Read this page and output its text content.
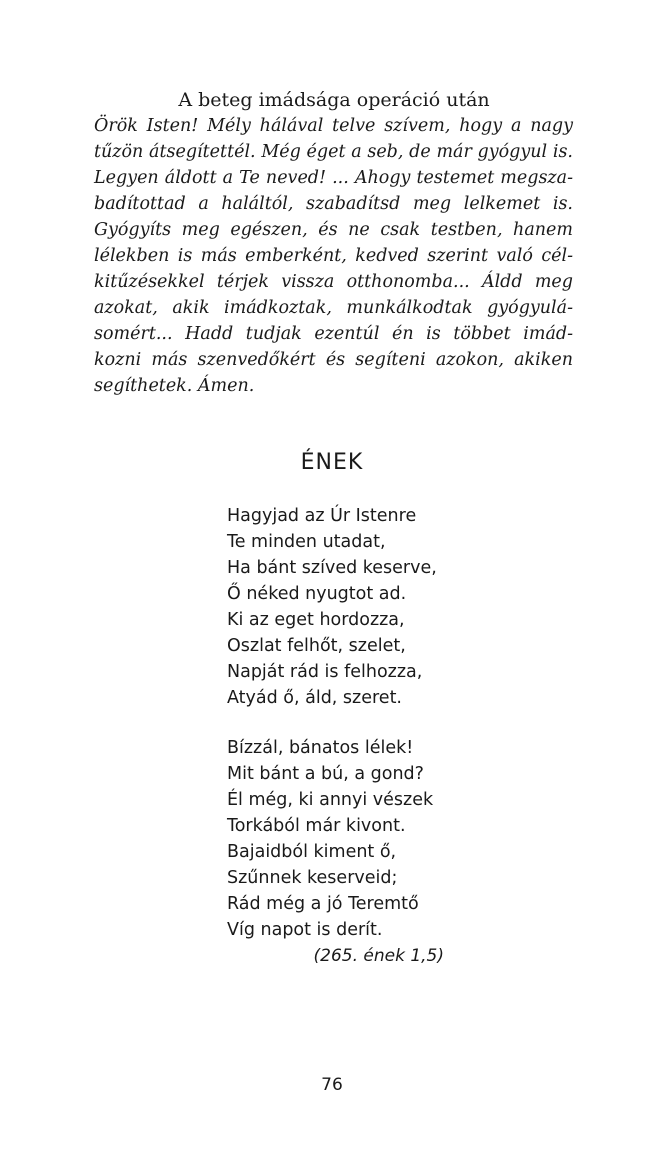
A beteg imádsága operáció után
Örök Isten! Mély hálával telve szívem, hogy a nagy
tűzön átsegítettél. Még éget a seb, de már gyógyul is.
Legyen áldott a Te neved! ... Ahogy testemet megsza-
badítottad a haláltól, szabadítsd meg lelkemet is.
Gyógyíts meg egészen, és ne csak testben, hanem
lélekben is más emberként, kedved szerint való cél-
kitűzésekkel térjek vissza otthonomba... Áldd meg
azokat, akik imádkoztak, munkálkodtak gyógyulá-
somért... Hadd tudjak ezentúl én is többet imád-
kozni más szenvedőkért és segíteni azokon, akiken
segíthetek. Ámen.
ÉNEK
Hagyjad az Úr Istenre
Te minden utadat,
Ha bánt szíved keserve,
Ő néked nyugtot ad.
Ki az eget hordozza,
Oszlat felhőt, szelet,
Napját rád is felhozza,
Atyád ő, áld, szeret.
Bízzál, bánatos lélek!
Mit bánt a bú, a gond?
Él még, ki annyi vészek
Torkából már kivont.
Bajaidból kiment ő,
Szűnnek keserveid;
Rád még a jó Teremtő
Víg napot is derít.
(265. ének 1,5)
76
